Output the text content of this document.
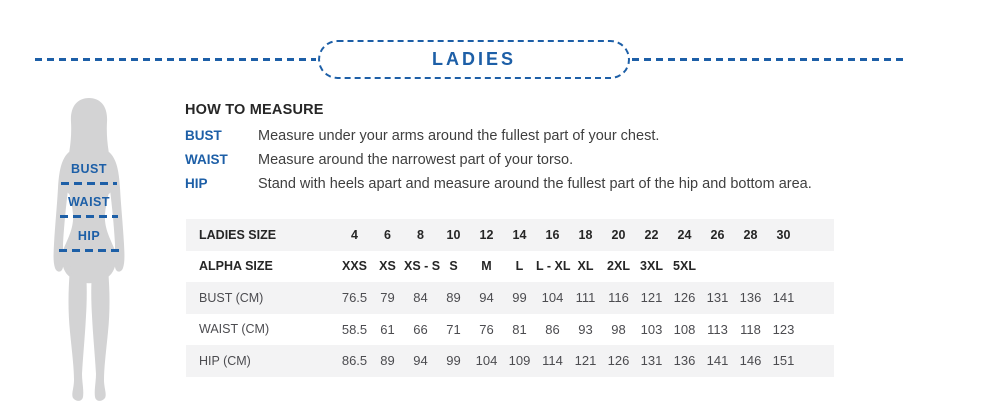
LADIES
BUST
WAIST
HIP
HOW TO MEASURE
BUST	Measure under your arms around the fullest part of your chest.
WAIST	Measure around the narrowest part of your torso.
HIP	Stand with heels apart and measure around the fullest part of the hip and bottom area.
LADIES SIZE	4	6	8	10	12	14	16	18	20	22	24	26	28	30	
ALPHA SIZE	XXS	XS	XS - S	S	M	L	L - XL	XL	2XL	3XL	5XL				
BUST (CM)	76.5	79	84	89	94	99	104	111	116	121	126	131	136	141	
WAIST (CM)	58.5	61	66	71	76	81	86	93	98	103	108	113	118	123	
HIP (CM)	86.5	89	94	99	104	109	114	121	126	131	136	141	146	151	
